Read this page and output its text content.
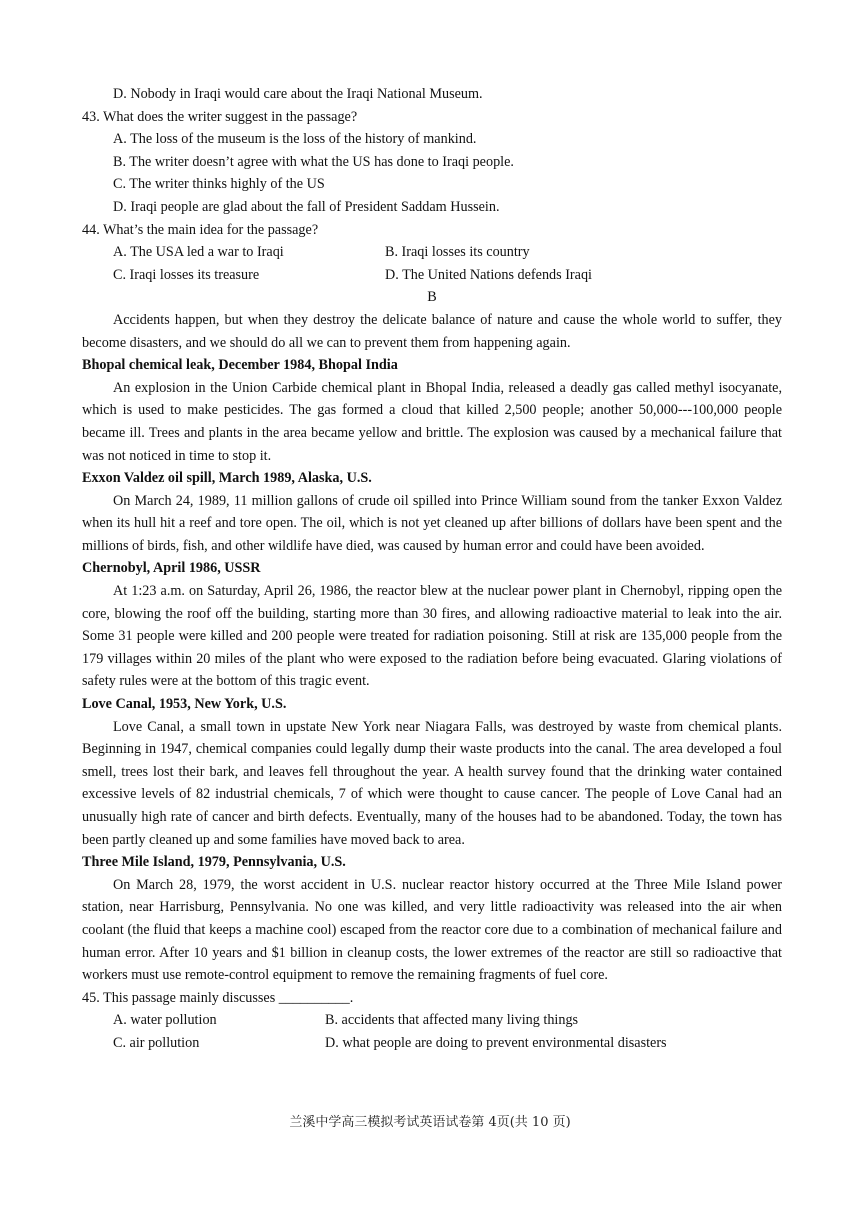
D. Nobody in Iraqi would care about the Iraqi National Museum.
43. What does the writer suggest in the passage?
A. The loss of the museum is the loss of the history of mankind.
B. The writer doesn’t agree with what the US has done to Iraqi people.
C. The writer thinks highly of the US
D. Iraqi people are glad about the fall of President Saddam Hussein.
44. What’s the main idea for the passage?
A. The USA led a war to Iraqi	B. Iraqi losses its country
C. Iraqi losses its treasure	D. The United Nations defends Iraqi
B
Accidents happen, but when they destroy the delicate balance of nature and cause the whole world to suffer, they become disasters, and we should do all we can to prevent them from happening again.
Bhopal chemical leak, December 1984, Bhopal India
An explosion in the Union Carbide chemical plant in Bhopal India, released a deadly gas called methyl isocyanate, which is used to make pesticides. The gas formed a cloud that killed 2,500 people; another 50,000---100,000 people became ill. Trees and plants in the area became yellow and brittle. The explosion was caused by a mechanical failure that was not noticed in time to stop it.
Exxon Valdez oil spill, March 1989, Alaska, U.S.
On March 24, 1989, 11 million gallons of crude oil spilled into Prince William sound from the tanker Exxon Valdez when its hull hit a reef and tore open. The oil, which is not yet cleaned up after billions of dollars have been spent and the millions of birds, fish, and other wildlife have died, was caused by human error and could have been avoided.
Chernobyl, April 1986, USSR
At 1:23 a.m. on Saturday, April 26, 1986, the reactor blew at the nuclear power plant in Chernobyl, ripping open the core, blowing the roof off the building, starting more than 30 fires, and allowing radioactive material to leak into the air. Some 31 people were killed and 200 people were treated for radiation poisoning. Still at risk are 135,000 people from the 179 villages within 20 miles of the plant who were exposed to the radiation before being evacuated. Glaring violations of safety rules were at the bottom of this tragic event.
Love Canal, 1953, New York, U.S.
Love Canal, a small town in upstate New York near Niagara Falls, was destroyed by waste from chemical plants. Beginning in 1947, chemical companies could legally dump their waste products into the canal. The area developed a foul smell, trees lost their bark, and leaves fell throughout the year. A health survey found that the drinking water contained excessive levels of 82 industrial chemicals, 7 of which were thought to cause cancer. The people of Love Canal had an unusually high rate of cancer and birth defects. Eventually, many of the houses had to be abandoned. Today, the town has been partly cleaned up and some families have moved back to area.
Three Mile Island, 1979, Pennsylvania, U.S.
On March 28, 1979, the worst accident in U.S. nuclear reactor history occurred at the Three Mile Island power station, near Harrisburg, Pennsylvania. No one was killed, and very little radioactivity was released into the air when coolant (the fluid that keeps a machine cool) escaped from the reactor core due to a combination of mechanical failure and human error. After 10 years and $1 billion in cleanup costs, the lower extremes of the reactor are still so radioactive that workers must use remote-control equipment to remove the remaining fragments of fuel core.
45. This passage mainly discusses __________.
A. water pollution	B. accidents that affected many living things
C. air pollution	D. what people are doing to prevent environmental disasters
兰溪中学高三模拟考试英语试卷第 4页(共 10 页)
